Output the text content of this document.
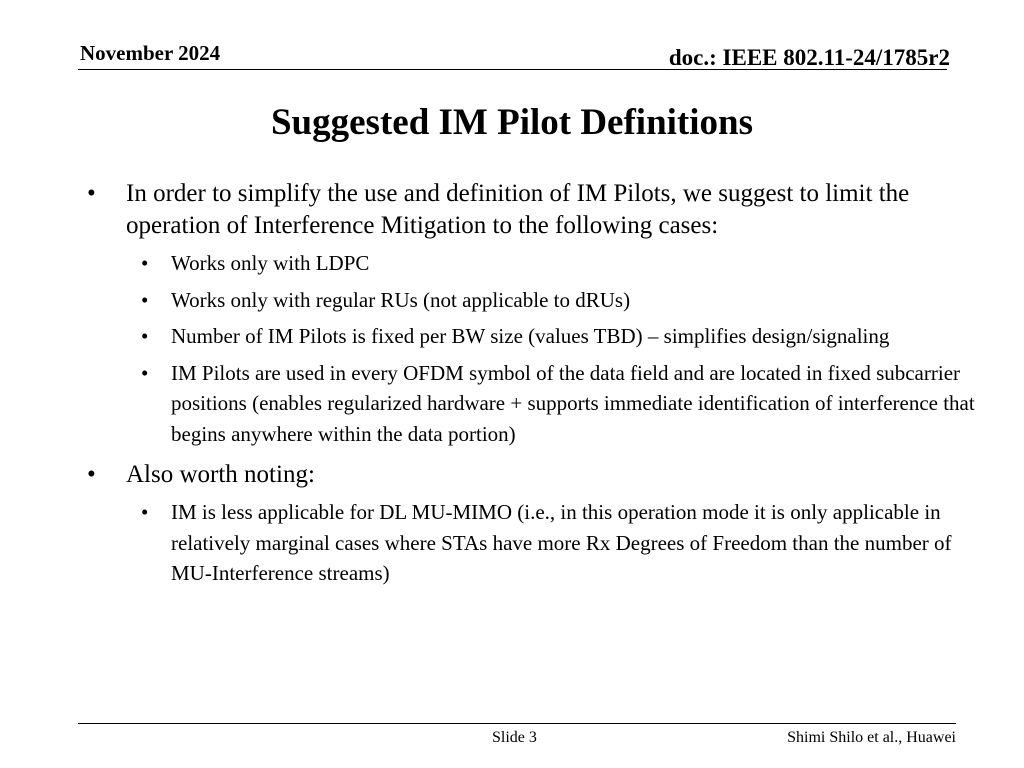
November 2024	doc.: IEEE 802.11-24/1785r2
Suggested IM Pilot Definitions
• In order to simplify the use and definition of IM Pilots, we suggest to limit the operation of Interference Mitigation to the following cases:
• Works only with LDPC
• Works only with regular RUs (not applicable to dRUs)
• Number of IM Pilots is fixed per BW size (values TBD) – simplifies design/signaling
• IM Pilots are used in every OFDM symbol of the data field and are located in fixed subcarrier positions (enables regularized hardware + supports immediate identification of interference that begins anywhere within the data portion)
• Also worth noting:
• IM is less applicable for DL MU-MIMO (i.e., in this operation mode it is only applicable in relatively marginal cases where STAs have more Rx Degrees of Freedom than the number of MU-Interference streams)
Slide 3	Shimi Shilo et al., Huawei
